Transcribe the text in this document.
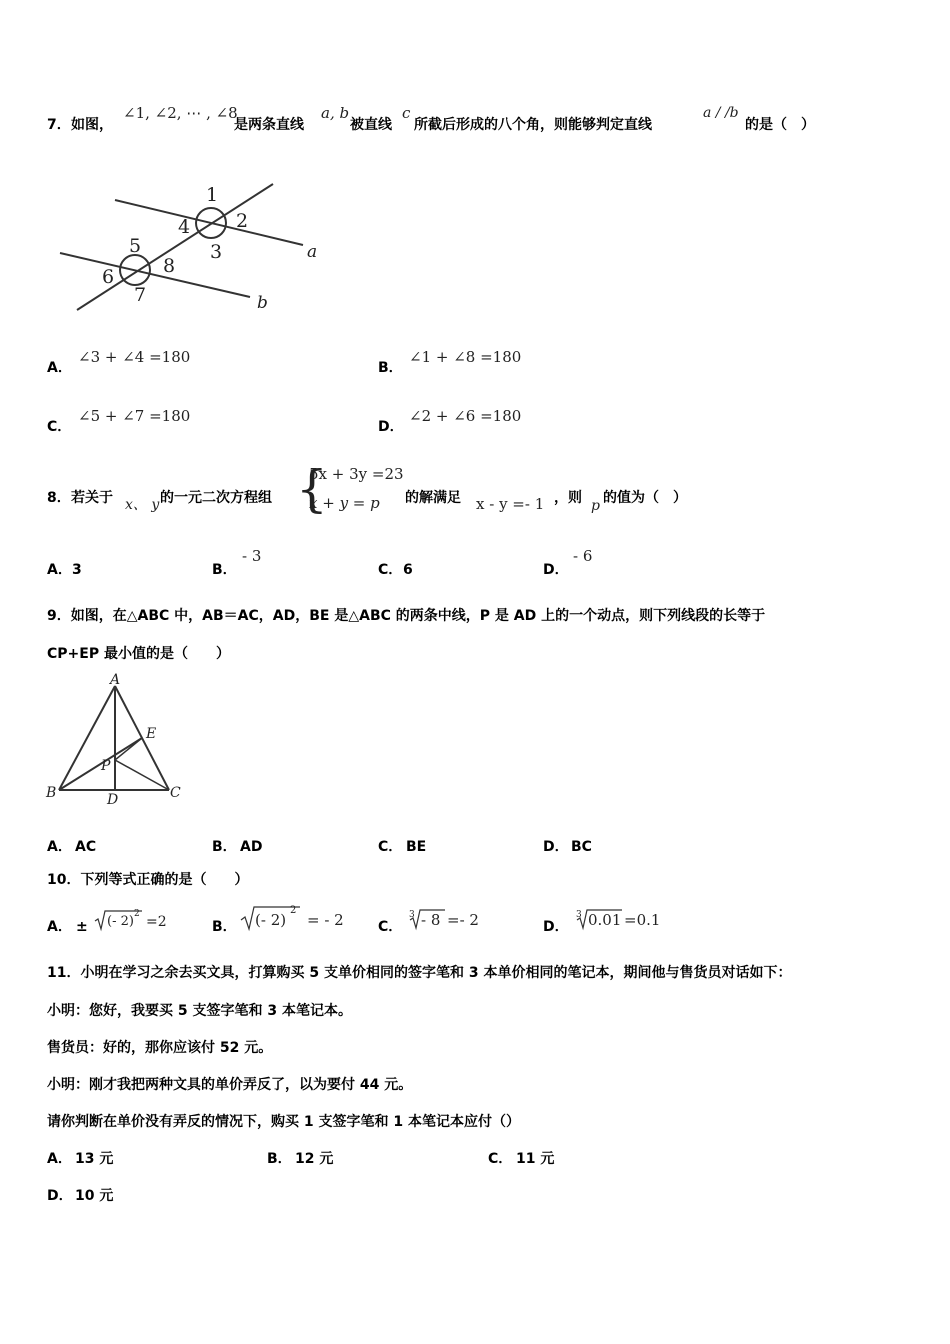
7． 如图，
∠1, ∠2, ⋯ , ∠8
是两条直线
a, b
被直线
c
所截后形成的八个角，则能够判定直线
a / /b
的是（　）
1
2
3
4
5
6
7
8
a
b
A．
∠3 + ∠4 =180
B．
∠1 + ∠8 =180
C．
∠5 + ∠7 =180
D．
∠2 + ∠6 =180
8． 若关于 x、 y 的一元二次方程组 {
5x + 3y =23
x + y = p 的解满足 x - y =- 1 ，则 p 的值为（　）
A． 3	B．
- 3
C． 6	D．
- 6
9．如图，在△ABC 中，AB＝AC，AD，BE 是△ABC 的两条中线，P 是 AD 上的一个动点，则下列线段的长等于
CP+EP 最小值的是（　　）
A
B	C
D
E
P
A． AC	B． AD	C． BE	D． BC
10．下列等式正确的是（　　）
A． ± (- 2) 2 =2	B． (- 2)
2
= - 2 C．
3 - 8 =- 2	D．
3 0.01 =0.1
11．小明在学习之余去买文具，打算购买 5 支单价相同的签字笔和 3 本单价相同的笔记本，期间他与售货员对话如下：
小明：您好，我要买 5 支签字笔和 3 本笔记本。
售货员：好的，那你应该付 52 元。
小明：刚才我把两种文具的单价弄反了，以为要付 44 元。
请你判断在单价没有弄反的情况下，购买 1 支签字笔和 1 本笔记本应付（）
A． 13 元	B． 12 元	C． 11 元
D． 10 元
